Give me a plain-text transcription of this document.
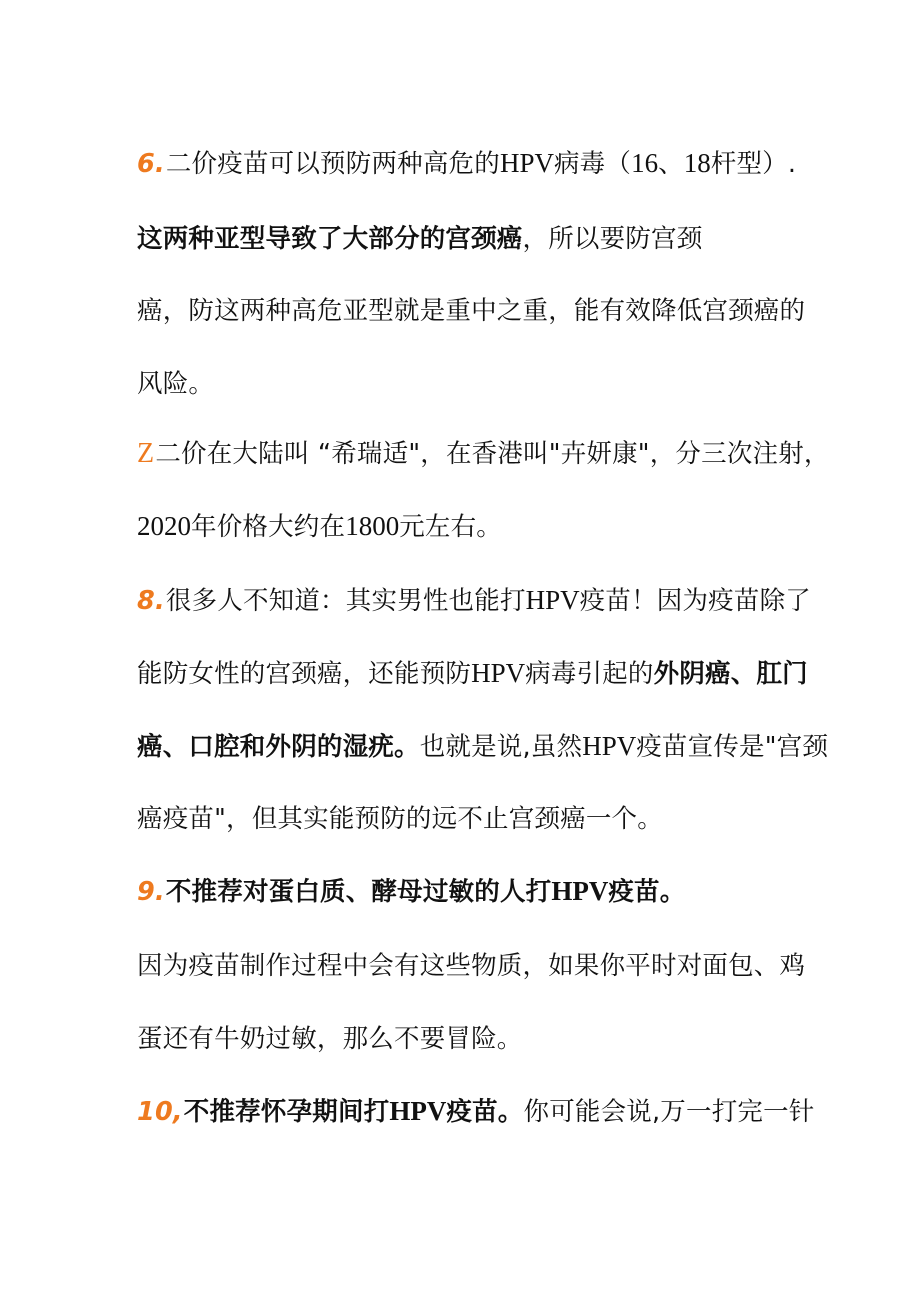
6.二价疫苗可以预防两种高危的HPV病毒（16、18杆型）.
这两种亚型导致了大部分的宫颈癌，所以要防宫颈
癌，防这两种高危亚型就是重中之重，能有效降低宫颈癌的
风险。
Z二价在大陆叫 “希瑞适"，在香港叫"卉妍康"，分三次注射，
2020年价格大约在1800元左右。
8.很多人不知道：其实男性也能打HPV疫苗！因为疫苗除了
能防女性的宫颈癌，还能预防HPV病毒引起的外阴癌、肛门
癌、口腔和外阴的湿疣。也就是说,虽然HPV疫苗宣传是"宫颈
癌疫苗"，但其实能预防的远不止宫颈癌一个。
9.不推荐对蛋白质、酵母过敏的人打HPV疫苗。
因为疫苗制作过程中会有这些物质，如果你平时对面包、鸡
蛋还有牛奶过敏，那么不要冒险。
10,不推荐怀孕期间打HPV疫苗。你可能会说,万一打完一针
